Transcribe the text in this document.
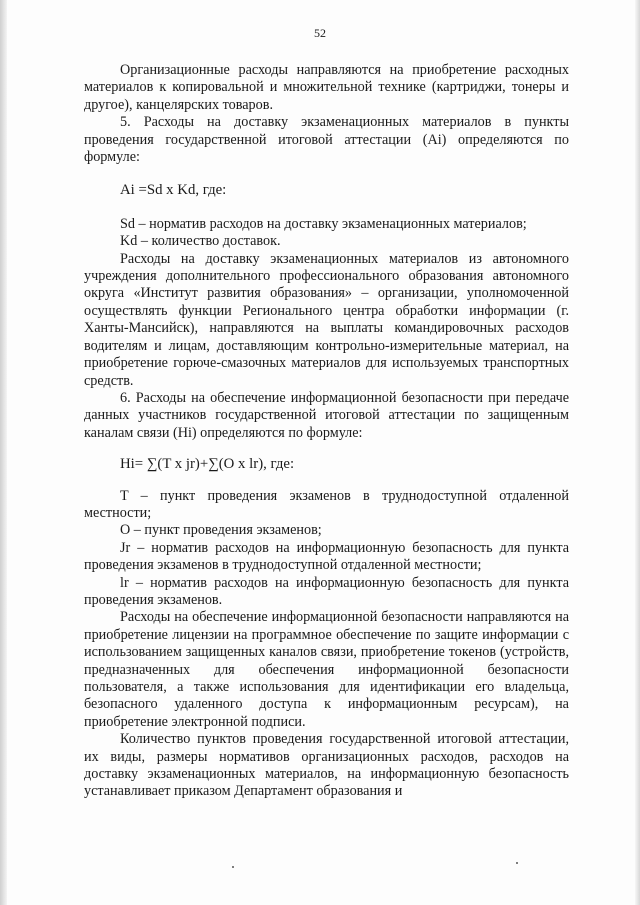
52

Организационные расходы направляются на приобретение расходных материалов к копировальной и множительной технике (картриджи, тонеры и другое), канцелярских товаров.

5. Расходы на доставку экзаменационных материалов в пункты проведения государственной итоговой аттестации (Ai) определяются по формуле:

Ai =Sd x Kd, где:

Sd – норматив расходов на доставку экзаменационных материалов;

Kd – количество доставок.

Расходы на доставку экзаменационных материалов из автономного учреждения дополнительного профессионального образования автономного округа «Институт развития образования» – организации, уполномоченной осуществлять функции Регионального центра обработки информации (г. Ханты-Мансийск), направляются на выплаты командировочных расходов водителям и лицам, доставляющим контрольно-измерительные материал, на приобретение горюче-смазочных материалов для используемых транспортных средств.

6. Расходы на обеспечение информационной безопасности при передаче данных участников государственной итоговой аттестации по защищенным каналам связи (Hi) определяются по формуле:

Hi= ∑(T x jr)+∑(O x lr), где:

T – пункт проведения экзаменов в труднодоступной отдаленной местности;

O – пункт проведения экзаменов;

Jr – норматив расходов на информационную безопасность для пункта проведения экзаменов в труднодоступной отдаленной местности;

lr – норматив расходов на информационную безопасность для пункта проведения экзаменов.

Расходы на обеспечение информационной безопасности направляются на приобретение лицензии на программное обеспечение по защите информации с использованием защищенных каналов связи, приобретение токенов (устройств, предназначенных для обеспечения информационной безопасности пользователя, а также использования для идентификации его владельца, безопасного удаленного доступа к информационным ресурсам), на приобретение электронной подписи.

Количество пунктов проведения государственной итоговой аттестации, их виды, размеры нормативов организационных расходов, расходов на доставку экзаменационных материалов, на информационную безопасность устанавливает приказом Департамент образования и
